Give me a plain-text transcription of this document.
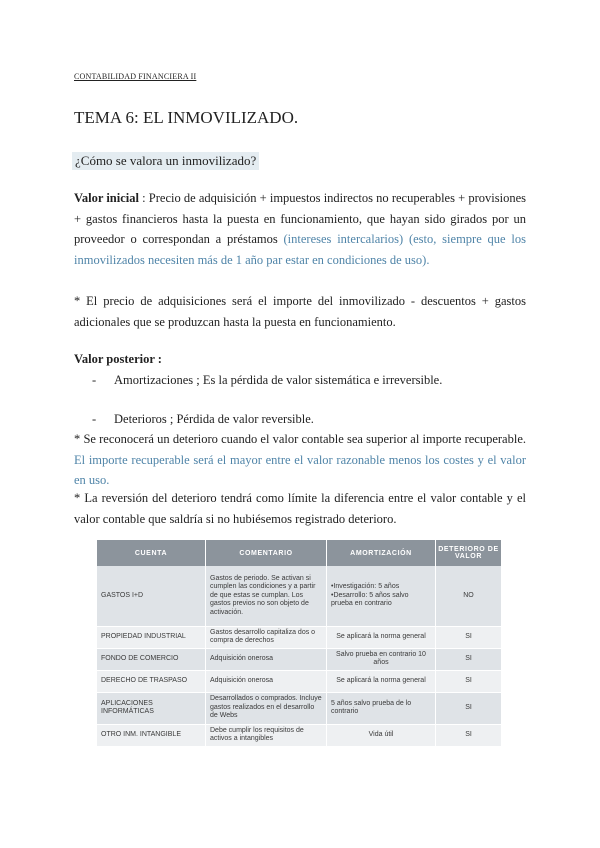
CONTABILIDAD FINANCIERA II
TEMA 6: EL INMOVILIZADO.
¿Cómo se valora un inmovilizado?
Valor inicial : Precio de adquisición + impuestos indirectos no recuperables + provisiones + gastos financieros hasta la puesta en funcionamiento, que hayan sido girados por un proveedor o correspondan a préstamos (intereses intercalarios) (esto, siempre que los inmovilizados necesiten más de 1 año par estar en condiciones de uso).
* El precio de adquisiciones será el importe del inmovilizado - descuentos + gastos adicionales que se produzcan hasta la puesta en funcionamiento.
Valor posterior :
- Amortizaciones ; Es la pérdida de valor sistemática e irreversible.
- Deterioros ; Pérdida de valor reversible.
* Se reconocerá un deterioro cuando el valor contable sea superior al importe recuperable. El importe recuperable será el mayor entre el valor razonable menos los costes y el valor en uso.
* La reversión del deterioro tendrá como límite la diferencia entre el valor contable y el valor contable que saldría si no hubiésemos registrado deterioro.
CUENTA	COMENTARIO	AMORTIZACIÓN	DETERIORO DE VALOR
GASTOS I+D	Gastos de periodo. Se activan si cumplen las condiciones y a partir de que estas se cumplan. Los gastos previos no son objeto de activación.	•Investigación: 5 años •Desarrollo: 5 años salvo prueba en contrario	NO
PROPIEDAD INDUSTRIAL	Gastos desarrollo capitaliza dos o compra de derechos	Se aplicará la norma general	SI
FONDO DE COMERCIO	Adquisición onerosa	Salvo prueba en contrario 10 años	SI
DERECHO DE TRASPASO	Adquisición onerosa	Se aplicará la norma general	SI
APLICACIONES INFORMÁTICAS	Desarrollados o comprados. Incluye gastos realizados en el desarrollo de Webs	5 años salvo prueba de lo contrario	SI
OTRO INM. INTANGIBLE	Debe cumplir los requisitos de activos a intangibles	Vida útil	SI
